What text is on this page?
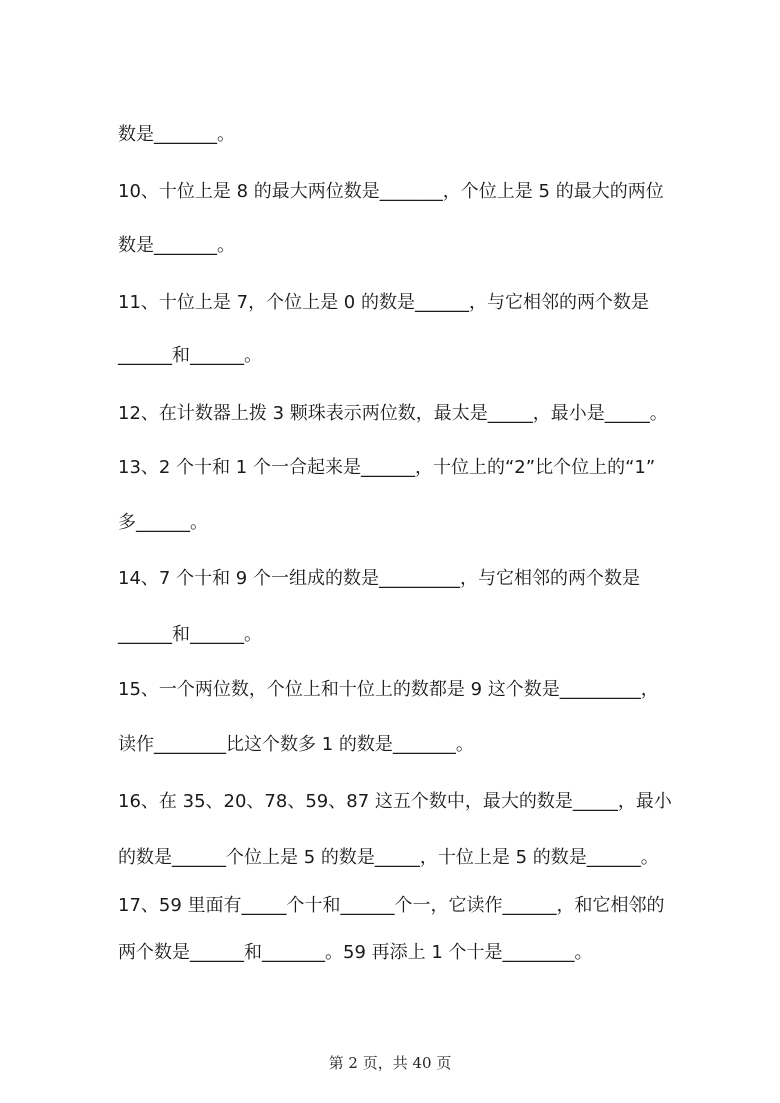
数是_______。
10、十位上是 8 的最大两位数是_______，个位上是 5 的最大的两位
数是_______。
11、十位上是 7，个位上是 0 的数是______，与它相邻的两个数是
______和______。
12、在计数器上拨 3 颗珠表示两位数，最太是_____，最小是_____。
13、2 个十和 1 个一合起来是______，十位上的“2”比个位上的“1”
多______。
14、7 个十和 9 个一组成的数是_________，与它相邻的两个数是
______和______。
15、一个两位数，个位上和十位上的数都是 9 这个数是_________，
读作________比这个数多 1 的数是_______。
16、在 35、20、78、59、87 这五个数中，最大的数是_____，最小
的数是______个位上是 5 的数是_____，十位上是 5 的数是______。
17、59 里面有_____个十和______个一，它读作______，和它相邻的
两个数是______和_______。59 再添上 1 个十是________。
第 2 页，共 40 页
